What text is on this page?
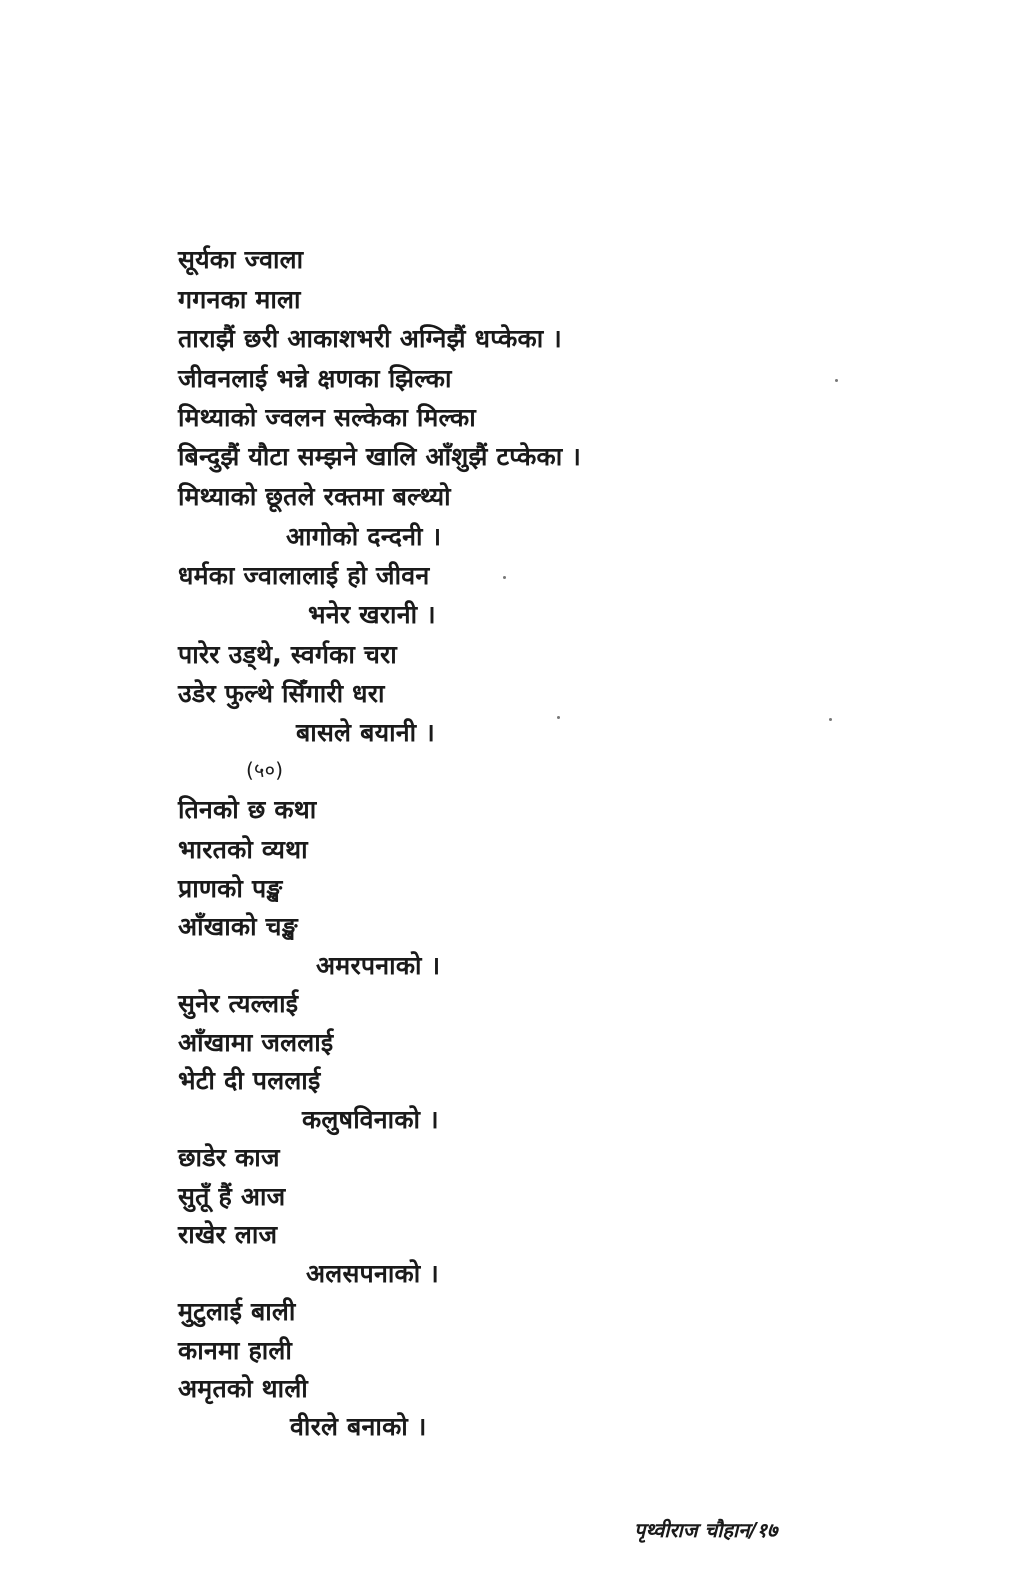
सूर्यका ज्वाला
गगनका माला
ताराझैं छरी आकाशभरी अग्निझैं धप्केका ।
जीवनलाई भन्ने क्षणका झिल्का
मिथ्याको ज्वलन सल्केका मिल्का
बिन्दुझैं यौटा सम्झने खालि आँशुझैं टप्केका ।
मिथ्याको छूतले रक्तमा बल्थ्यो
आगोको दन्दनी ।
धर्मका ज्वालालाई हो जीवन
भनेर खरानी ।
पारेर उड्थे, स्वर्गका चरा
उडेर फुल्थे सिँगारी धरा
बासले बयानी ।
(५०)
तिनको छ कथा
भारतको व्यथा
प्राणको पङ्ख
आँखाको चङ्ख
अमरपनाको ।
सुनेर त्यल्लाई
आँखामा जललाई
भेटी दी पललाई
कलुषविनाको ।
छाडेर काज
सुतूँ हैं आज
राखेर लाज
अलसपनाको ।
मुटुलाई बाली
कानमा हाली
अमृतको थाली
वीरले बनाको ।
पृथ्वीराज चौहान/१७
